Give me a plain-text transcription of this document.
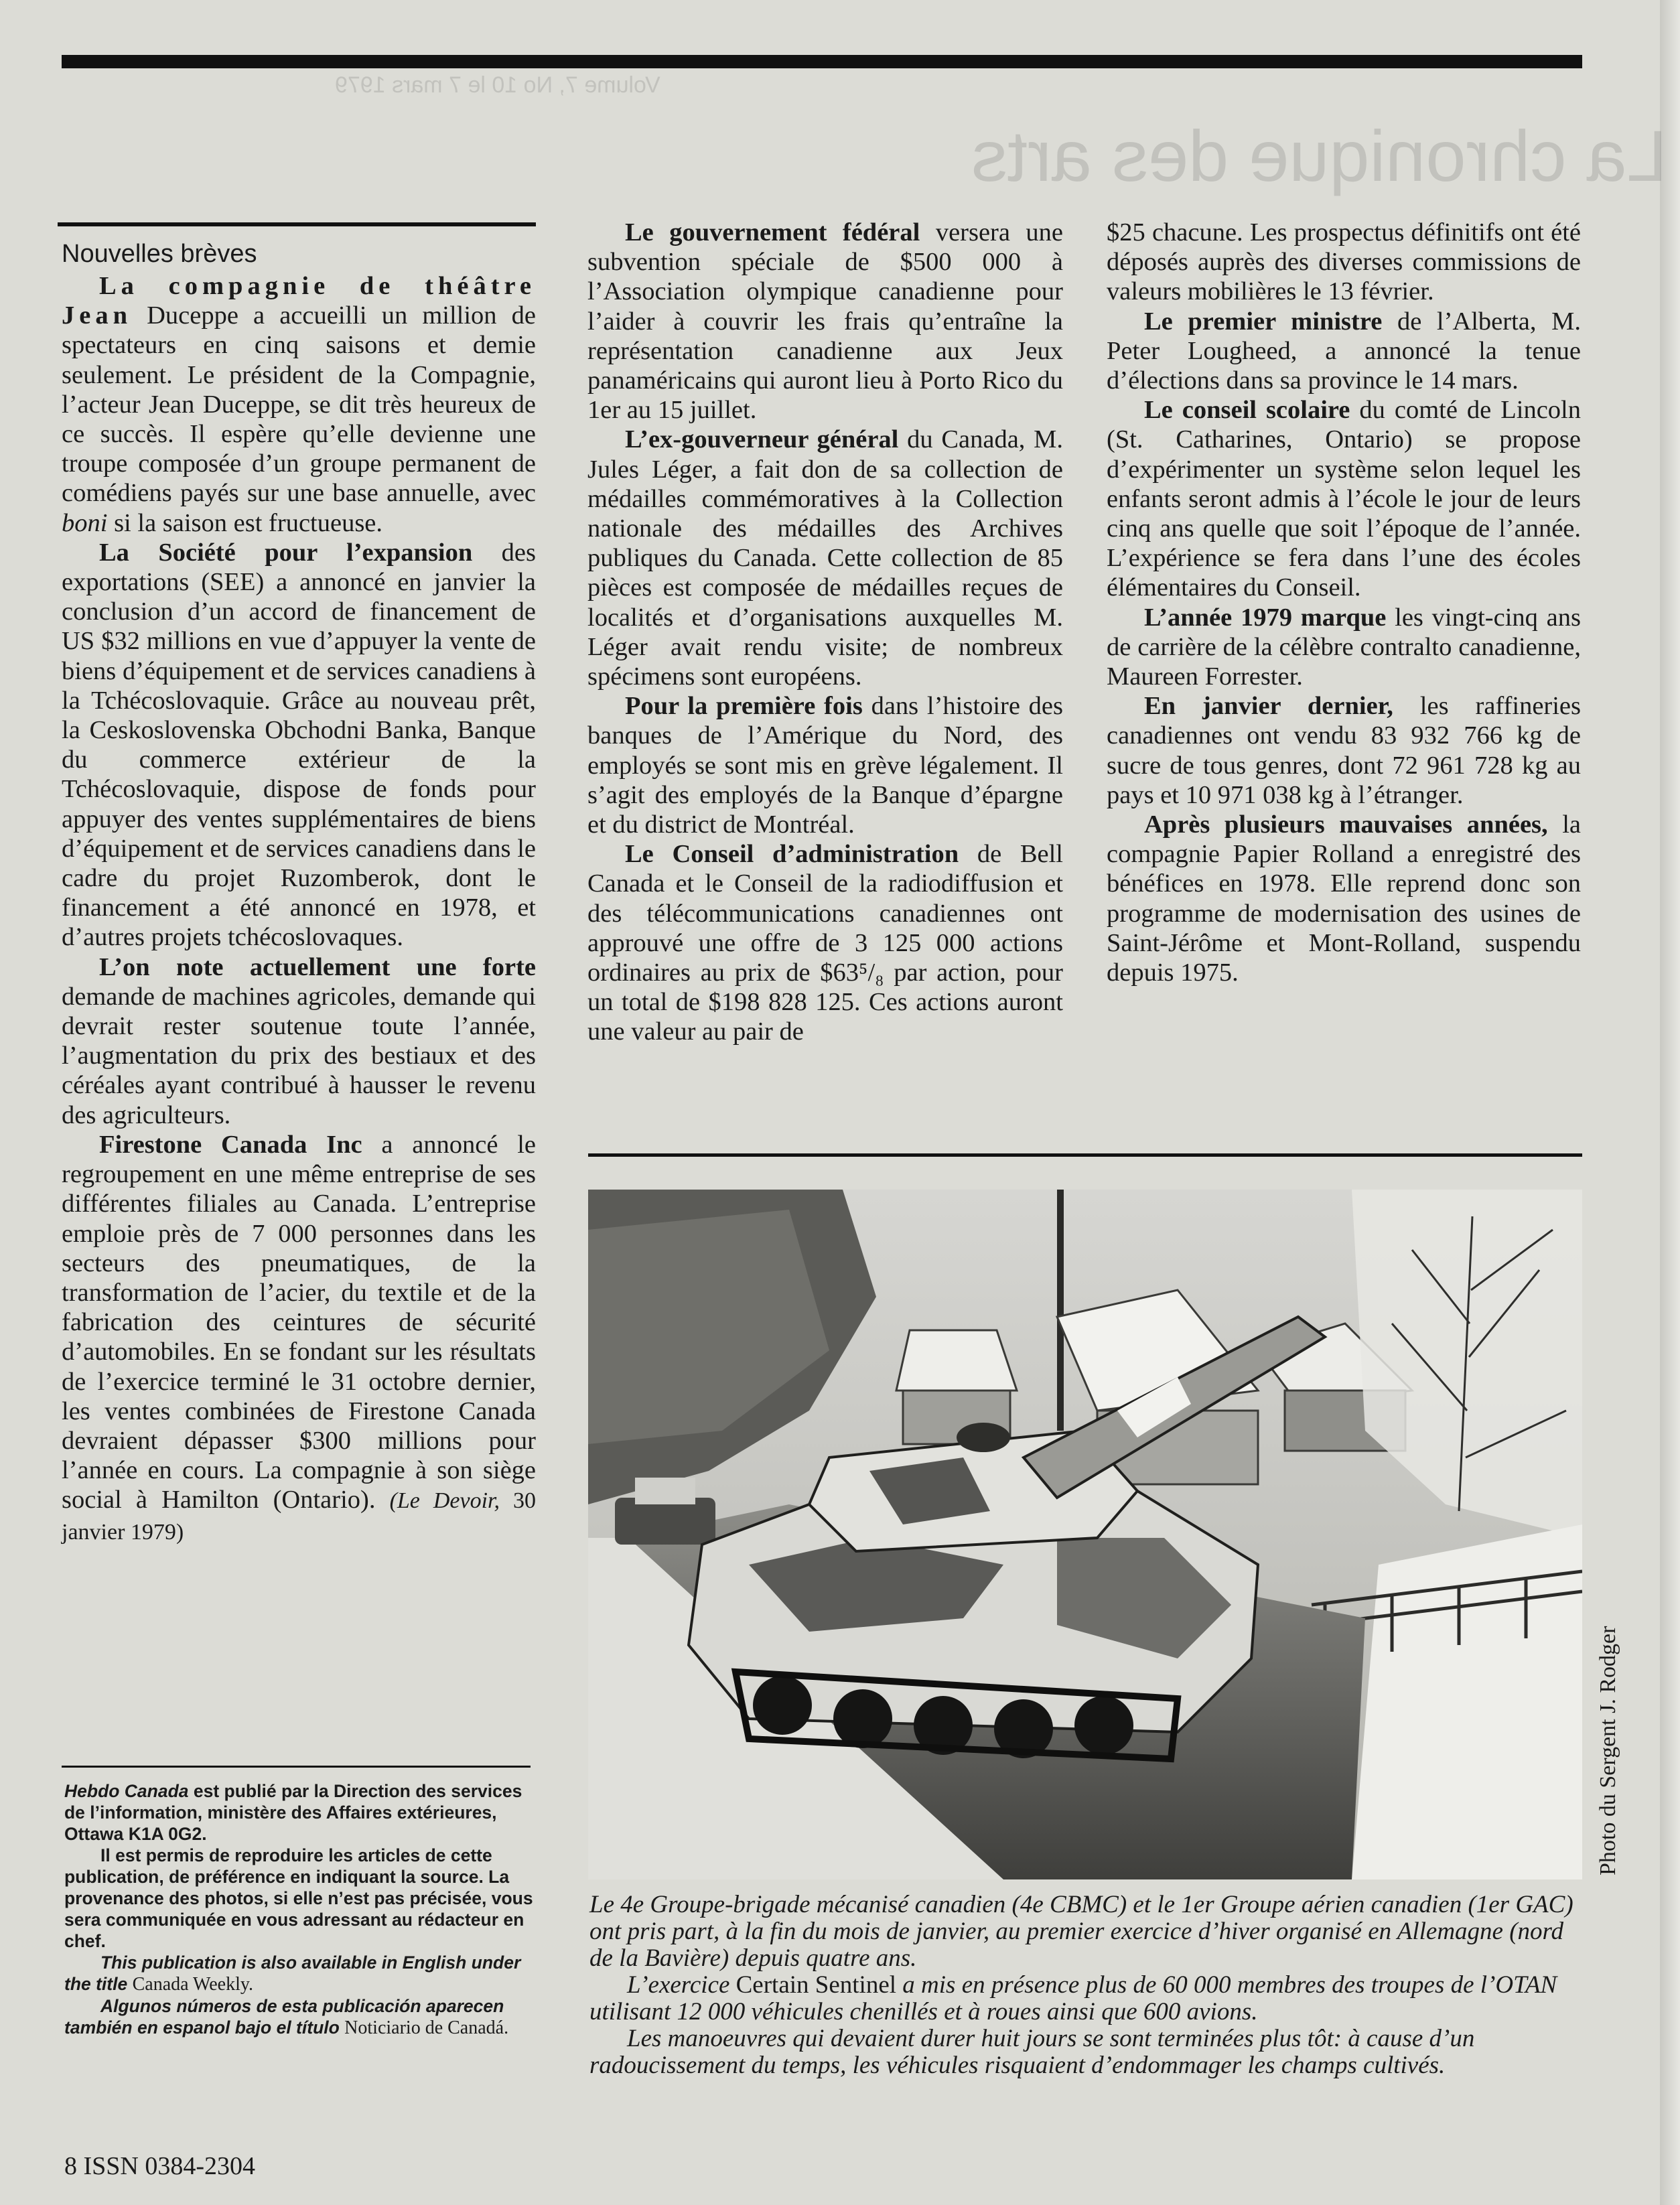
La chronique des arts
Volume 7, No 10 le 7 mars 1979
Nouvelles brèves

La compagnie de théâtre Jean Duceppe a accueilli un million de spectateurs en cinq saisons et demie seulement. Le président de la Compagnie, l’acteur Jean Duceppe, se dit très heureux de ce succès. Il espère qu’elle devienne une troupe composée d’un groupe permanent de comédiens payés sur une base annuelle, avec boni si la saison est fructueuse.

La Société pour l’expansion des exportations (SEE) a annoncé en janvier la conclusion d’un accord de financement de US $32 millions en vue d’appuyer la vente de biens d’équipement et de services canadiens à la Tchécoslovaquie. Grâce au nouveau prêt, la Ceskoslovenska Obchodni Banka, Banque du commerce extérieur de la Tchécoslovaquie, dispose de fonds pour appuyer des ventes supplémentaires de biens d’équipement et de services canadiens dans le cadre du projet Ruzomberok, dont le financement a été annoncé en 1978, et d’autres projets tchécoslovaques.

L’on note actuellement une forte demande de machines agricoles, demande qui devrait rester soutenue toute l’année, l’augmentation du prix des bestiaux et des céréales ayant contribué à hausser le revenu des agriculteurs.

Firestone Canada Inc a annoncé le regroupement en une même entreprise de ses différentes filiales au Canada. L’entreprise emploie près de 7 000 personnes dans les secteurs des pneumatiques, de la transformation de l’acier, du textile et de la fabrication des ceintures de sécurité d’automobiles. En se fondant sur les résultats de l’exercice terminé le 31 octobre dernier, les ventes combinées de Firestone Canada devraient dépasser $300 millions pour l’année en cours. La compagnie à son siège social à Hamilton (Ontario). (Le Devoir, 30 janvier 1979)

Le gouvernement fédéral versera une subvention spéciale de $500 000 à l’Association olympique canadienne pour l’aider à couvrir les frais qu’entraîne la représentation canadienne aux Jeux panaméricains qui auront lieu à Porto Rico du 1er au 15 juillet.

L’ex-gouverneur général du Canada, M. Jules Léger, a fait don de sa collection de médailles commémoratives à la Collection nationale des médailles des Archives publiques du Canada. Cette collection de 85 pièces est composée de médailles reçues de localités et d’organisations auxquelles M. Léger avait rendu visite; de nombreux spécimens sont européens.

Pour la première fois dans l’histoire des banques de l’Amérique du Nord, des employés se sont mis en grève légalement. Il s’agit des employés de la Banque d’épargne et du district de Montréal.

Le Conseil d’administration de Bell Canada et le Conseil de la radiodiffusion et des télécommunications canadiennes ont approuvé une offre de 3 125 000 actions ordinaires au prix de $63⁵/₈ par action, pour un total de $198 828 125. Ces actions auront une valeur au pair de

$25 chacune. Les prospectus définitifs ont été déposés auprès des diverses commissions de valeurs mobilières le 13 février.

Le premier ministre de l’Alberta, M. Peter Lougheed, a annoncé la tenue d’élections dans sa province le 14 mars.

Le conseil scolaire du comté de Lincoln (St. Catharines, Ontario) se propose d’expérimenter un système selon lequel les enfants seront admis à l’école le jour de leurs cinq ans quelle que soit l’époque de l’année. L’expérience se fera dans l’une des écoles élémentaires du Conseil.

L’année 1979 marque les vingt-cinq ans de carrière de la célèbre contralto canadienne, Maureen Forrester.

En janvier dernier, les raffineries canadiennes ont vendu 83 932 766 kg de sucre de tous genres, dont 72 961 728 kg au pays et 10 971 038 kg à l’étranger.

Après plusieurs mauvaises années, la compagnie Papier Rolland a enregistré des bénéfices en 1978. Elle reprend donc son programme de modernisation des usines de Saint-Jérôme et Mont-Rolland, suspendu depuis 1975.

Photo du Sergent J. Rodger

Le 4e Groupe-brigade mécanisé canadien (4e CBMC) et le 1er Groupe aérien canadien (1er GAC) ont pris part, à la fin du mois de janvier, au premier exercice d’hiver organisé en Allemagne (nord de la Bavière) depuis quatre ans.

L’exercice Certain Sentinel a mis en présence plus de 60 000 membres des troupes de l’OTAN utilisant 12 000 véhicules chenillés et à roues ainsi que 600 avions.

Les manoeuvres qui devaient durer huit jours se sont terminées plus tôt: à cause d’un radoucissement du temps, les véhicules risquaient d’endommager les champs cultivés.

Hebdo Canada est publié par la Direction des services de l’information, ministère des Affaires extérieures, Ottawa K1A 0G2.

Il est permis de reproduire les articles de cette publication, de préférence en indiquant la source. La provenance des photos, si elle n’est pas précisée, vous sera communiquée en vous adressant au rédacteur en chef.

This publication is also available in English under the title Canada Weekly.

Algunos números de esta publicación aparecen también en espanol bajo el título Noticiario de Canadá.

8 ISSN 0384-2304
